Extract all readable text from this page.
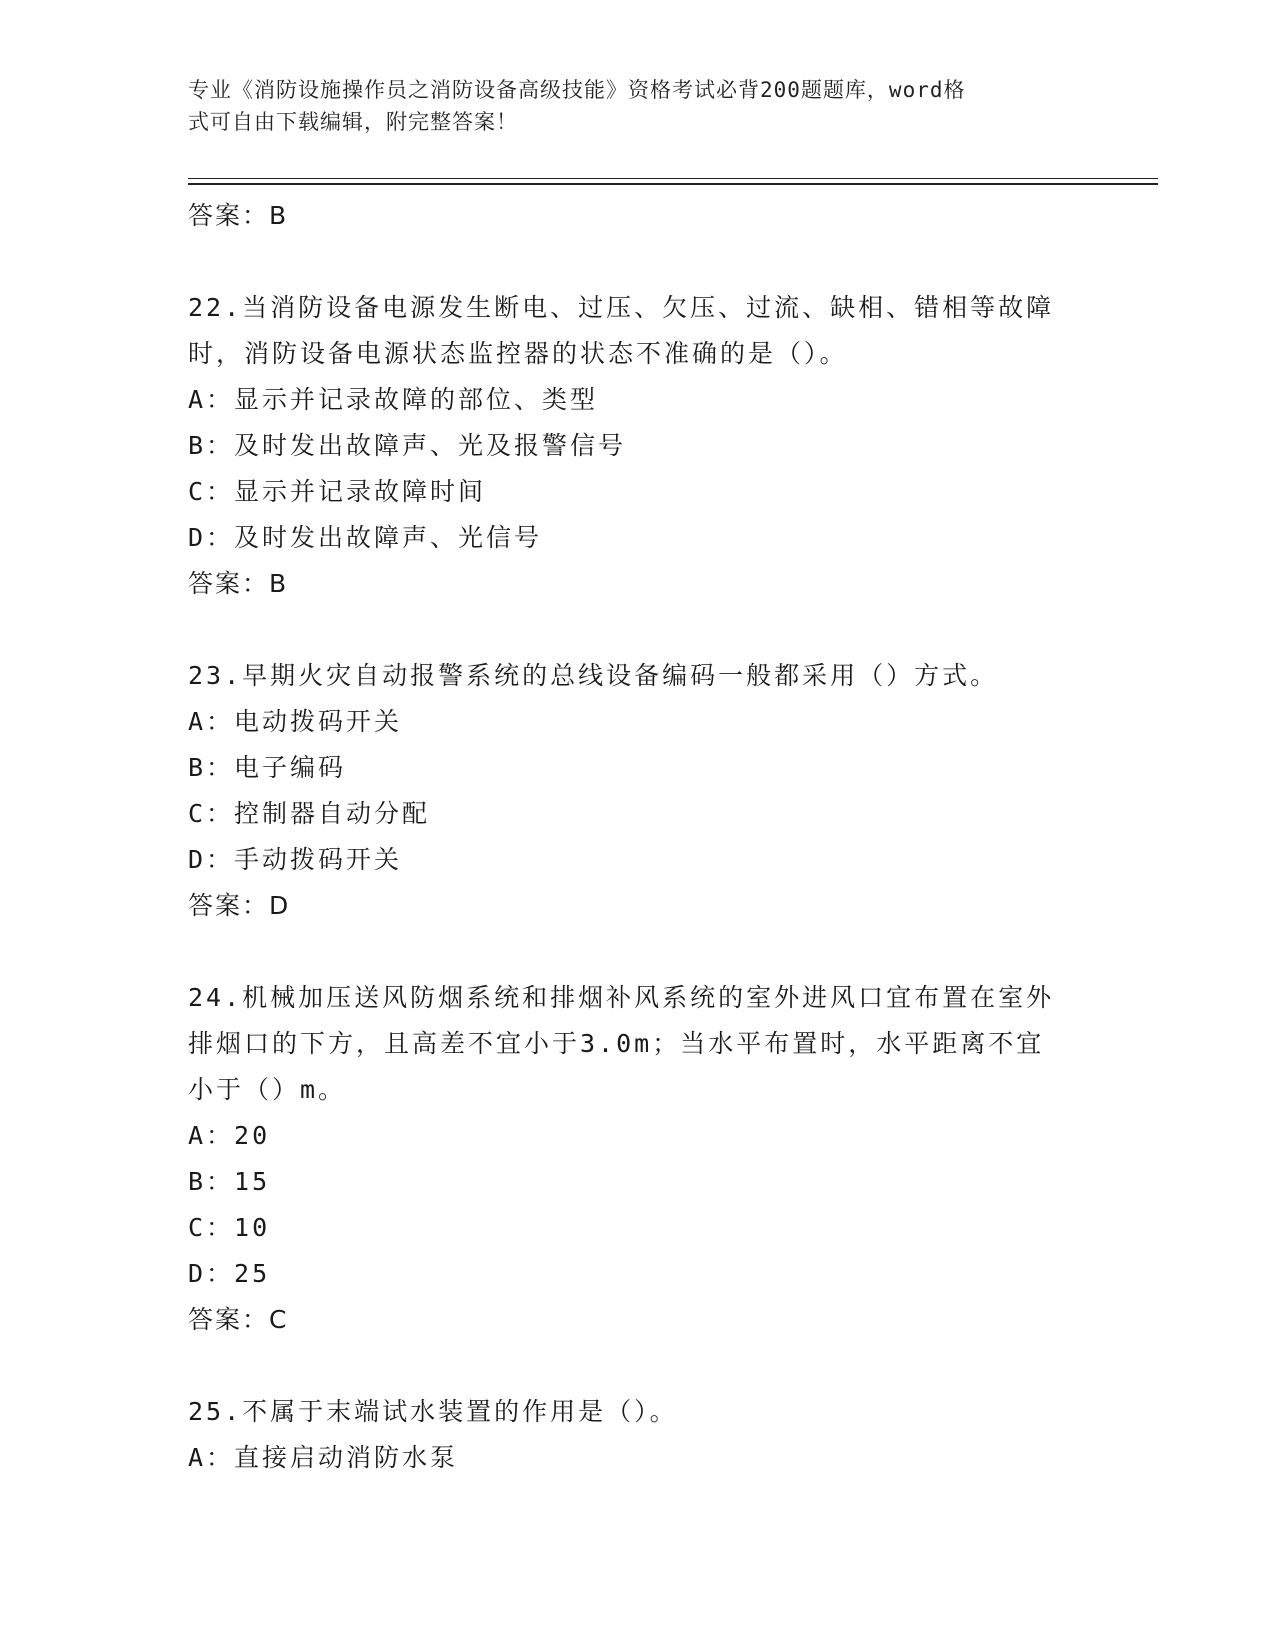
专业《消防设施操作员之消防设备高级技能》资格考试必背200题题库，word格
式可自由下载编辑，附完整答案！
答案：B
22.当消防设备电源发生断电、过压、欠压、过流、缺相、错相等故障
时，消防设备电源状态监控器的状态不准确的是（）。
A：显示并记录故障的部位、类型
B：及时发出故障声、光及报警信号
C：显示并记录故障时间
D：及时发出故障声、光信号
答案：B
23.早期火灾自动报警系统的总线设备编码一般都采用（）方式。
A：电动拨码开关
B：电子编码
C：控制器自动分配
D：手动拨码开关
答案：D
24.机械加压送风防烟系统和排烟补风系统的室外进风口宜布置在室外
排烟口的下方，且高差不宜小于3.0m；当水平布置时，水平距离不宜
小于（）m。
A：20
B：15
C：10
D：25
答案：C
25.不属于末端试水装置的作用是（）。
A：直接启动消防水泵
